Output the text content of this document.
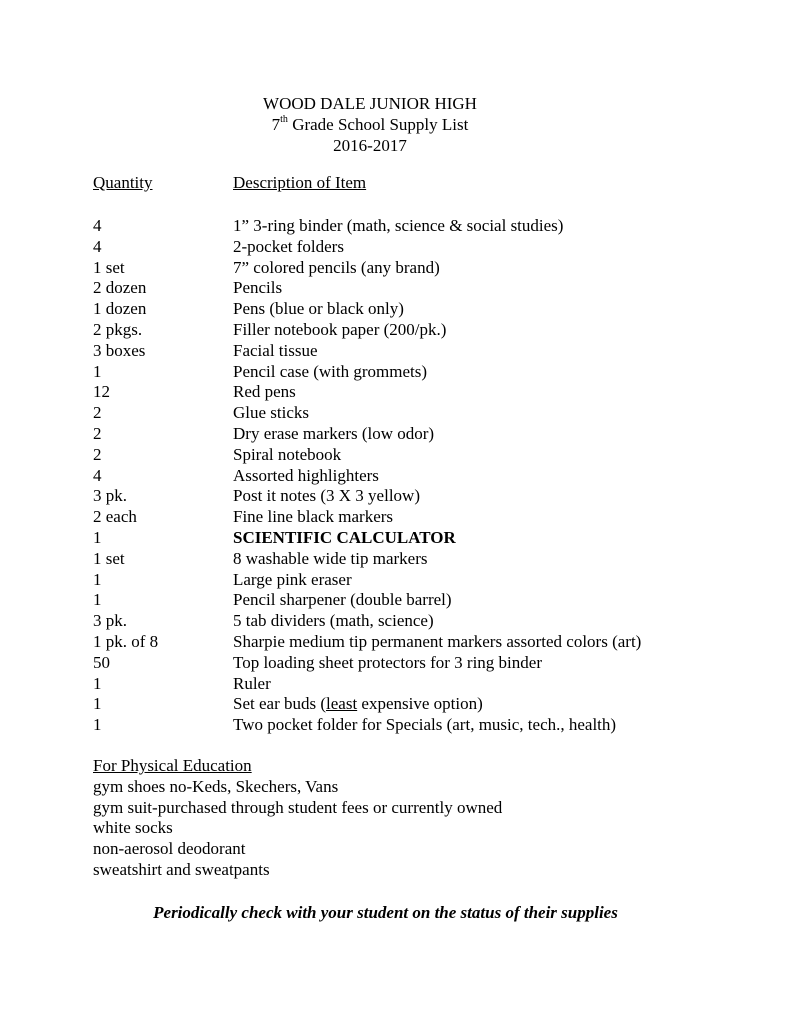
WOOD DALE JUNIOR HIGH
7th Grade School Supply List
2016-2017
Quantity	Description of Item
4	1” 3-ring binder (math, science & social studies)
4	2-pocket folders
1 set	7” colored pencils (any brand)
2 dozen	Pencils
1 dozen	Pens (blue or black only)
2 pkgs.	Filler notebook paper (200/pk.)
3 boxes	Facial tissue
1	Pencil case (with grommets)
12	Red pens
2	Glue sticks
2	Dry erase markers (low odor)
2	Spiral notebook
4	Assorted highlighters
3 pk.	Post it notes (3 X 3 yellow)
2 each	Fine line black markers
1	SCIENTIFIC CALCULATOR
1 set	8 washable wide tip markers
1	Large pink eraser
1	Pencil sharpener (double barrel)
3 pk.	5 tab dividers (math, science)
1 pk. of 8	Sharpie medium tip permanent markers assorted colors (art)
50	Top loading sheet protectors for 3 ring binder
1	Ruler
1	Set ear buds (least expensive option)
1	Two pocket folder for Specials (art, music, tech., health)
For Physical Education
gym shoes no-Keds, Skechers, Vans
gym suit-purchased through student fees or currently owned
white socks
non-aerosol deodorant
sweatshirt and sweatpants
Periodically check with your student on the status of their supplies
